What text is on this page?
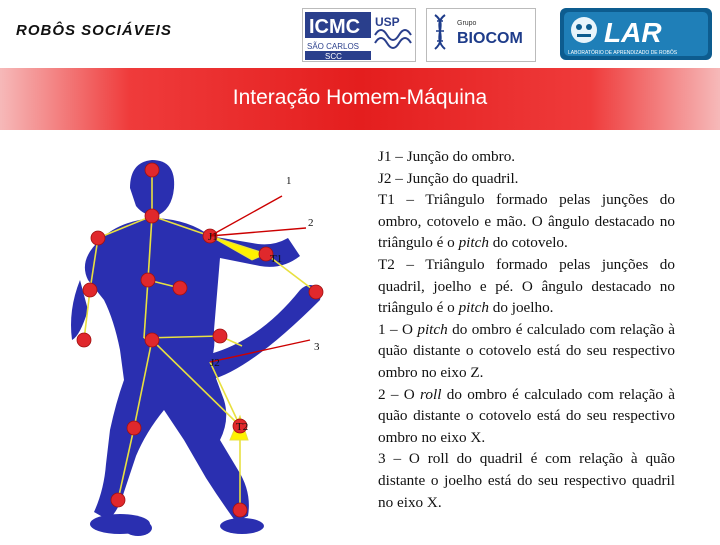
ROBÔS SOCIÁVEIS	ICMC USP
SÃO CARLOS
SCC
Grupo
BIOCOM	LAR
LABORATÓRIO DE APRENDIZADO DE ROBÔS
Interação Homem-Máquina
1
2
3
J1
T1
J2
T2

J1 – Junção do ombro.

J2 – Junção do quadril.

T1 – Triângulo formado pelas junções do ombro, cotovelo e mão. O ângulo destacado no triângulo é o pitch do cotovelo.

T2 – Triângulo formado pelas junções do quadril, joelho e pé. O ângulo destacado no triângulo é o pitch do joelho.

1 – O pitch do ombro é calculado com relação à quão distante o cotovelo está do seu respectivo ombro no eixo Z.

2 – O roll do ombro é calculado com relação à quão distante o cotovelo está do seu respectivo ombro no eixo X.

3 – O roll do quadril é com relação à quão distante o joelho está do seu respectivo quadril no eixo X.
